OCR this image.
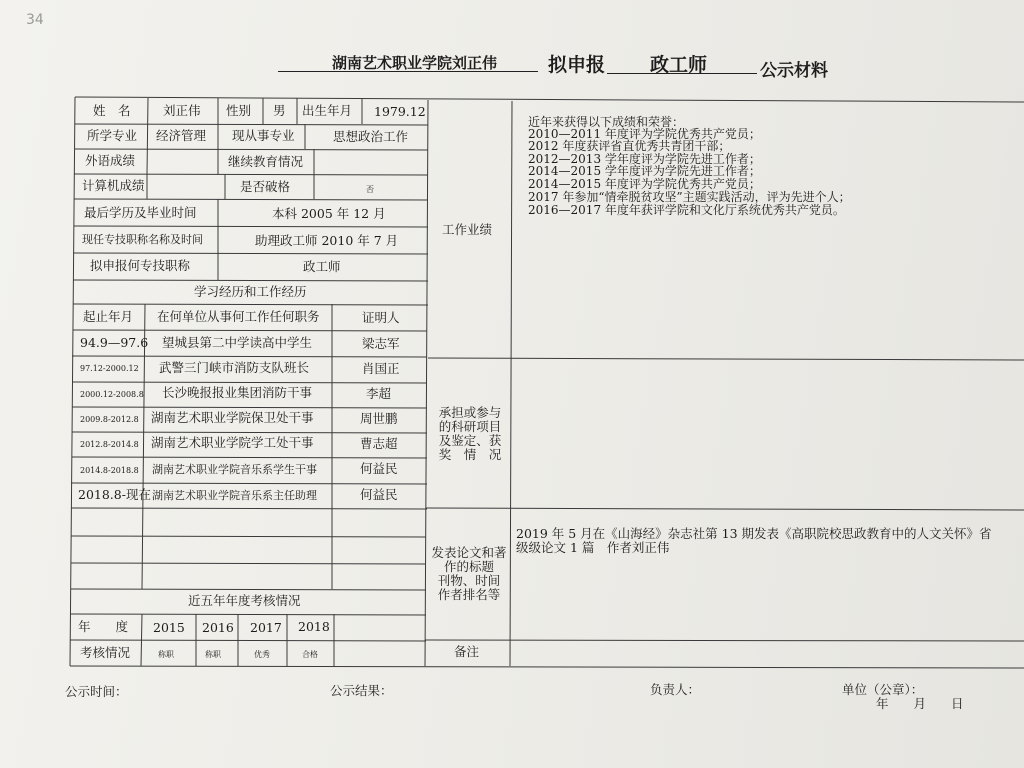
34
湖南艺术职业学院刘正伟	拟申报 政工师	公示材料
姓　名	刘正伟 性别 男 出生年月 1979.12
所学专业 经济管理 现从事专业	思想政治工作
外语成绩	继续教育情况
计算机成绩	是否破格	否
最后学历及毕业时间	本科 2005 年 12 月
现任专技职称名称及时间	助理政工师 2010 年 7 月
拟申报何专技职称	政工师
学习经历和工作经历
起止年月 在何单位从事何工作任何职务	证明人
94.9—97.6 望城县第二中学读高中学生	梁志军
97.12-2000.12 武警三门峡市消防支队班长	肖国正
2000.12-2008.8 长沙晚报报业集团消防干事	李超
2009.8-2012.8 湖南艺术职业学院保卫处干事	周世鹏
2012.8-2014.8 湖南艺术职业学院学工处干事	曹志超
2014.8-2018.8 湖南艺术职业学院音乐系学生干事	何益民
2018.8-现在 湖南艺术职业学院音乐系主任助理	何益民
近五年年度考核情况
年　　度 2015 2016 2017 2018
考核情况	称职	称职	优秀	合格
工作业绩
近年来获得以下成绩和荣誉：
2010—2011 年度评为学院优秀共产党员；
2012 年度获评省直优秀共青团干部；
2012—2013 学年度评为学院先进工作者；
2014—2015 学年度评为学院先进工作者；
2014—2015 年度评为学院优秀共产党员；
2017 年参加“情牵脱贫攻坚”主题实践活动，评为先进个人；
2016—2017 年度年获评学院和文化厅系统优秀共产党员。
承担或参与
的科研项目
及鉴定、获
奖　情　况
发表论文和著
作的标题
刊物、时间
作者排名等
2019 年 5 月在《山海经》杂志社第 13 期发表《高职院校思政教育中的人文关怀》省
级级论文 1 篇　作者刘正伟
备注
公示时间：	公示结果：	负责人：	单位（公章）：
年　　月　　日
